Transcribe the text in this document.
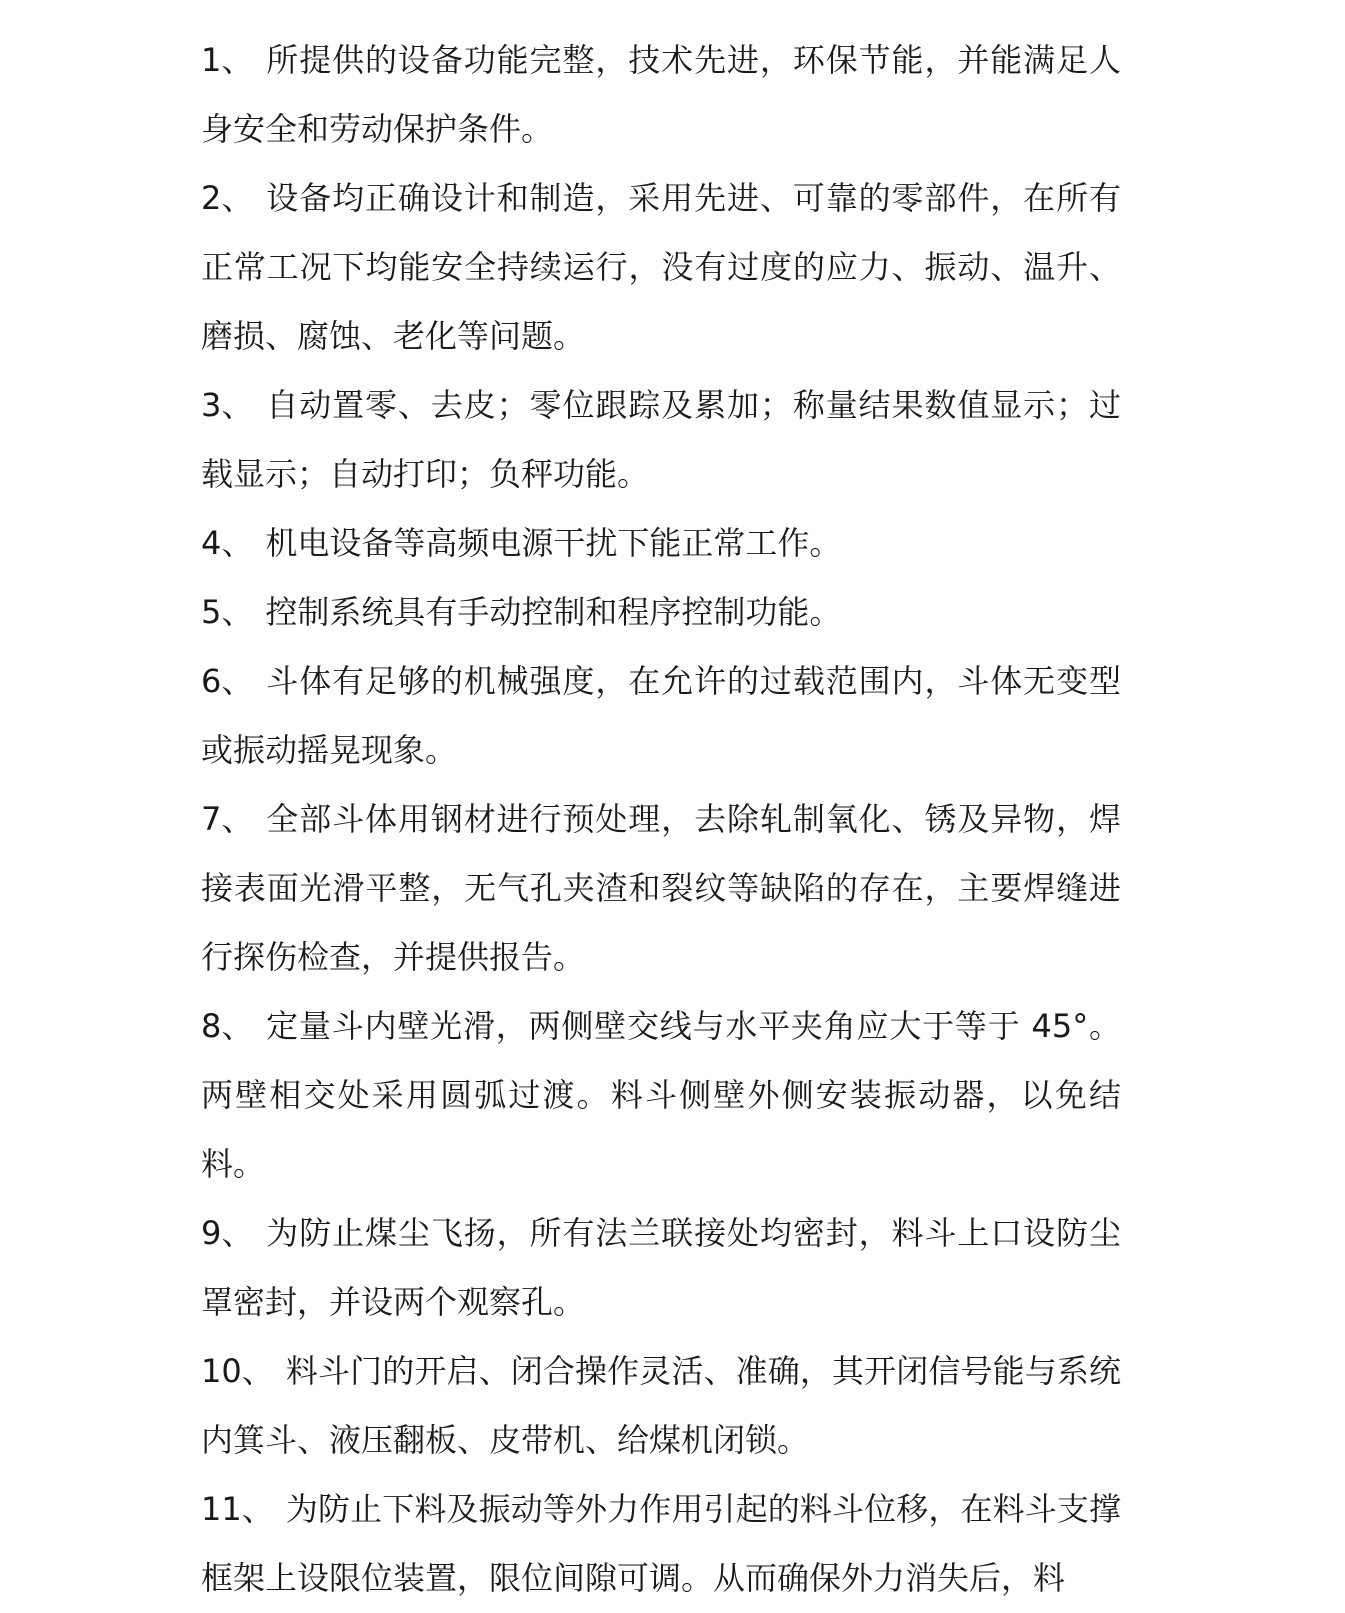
1、 所提供的设备功能完整，技术先进，环保节能，并能满足人身安全和劳动保护条件。

2、 设备均正确设计和制造，采用先进、可靠的零部件，在所有正常工况下均能安全持续运行，没有过度的应力、振动、温升、磨损、腐蚀、老化等问题。

3、 自动置零、去皮；零位跟踪及累加；称量结果数值显示；过载显示；自动打印；负秤功能。

4、 机电设备等高频电源干扰下能正常工作。

5、 控制系统具有手动控制和程序控制功能。

6、 斗体有足够的机械强度，在允许的过载范围内，斗体无变型或振动摇晃现象。

7、 全部斗体用钢材进行预处理，去除轧制氧化、锈及异物，焊接表面光滑平整，无气孔夹渣和裂纹等缺陷的存在，主要焊缝进行探伤检查，并提供报告。

8、 定量斗内壁光滑，两侧壁交线与水平夹角应大于等于 45°。两壁相交处采用圆弧过渡。料斗侧壁外侧安装振动器，以免结料。

9、 为防止煤尘飞扬，所有法兰联接处均密封，料斗上口设防尘罩密封，并设两个观察孔。

10、 料斗门的开启、闭合操作灵活、准确，其开闭信号能与系统内箕斗、液压翻板、皮带机、给煤机闭锁。

11、 为防止下料及振动等外力作用引起的料斗位移，在料斗支撑框架上设限位装置，限位间隙可调。从而确保外力消失后，料
